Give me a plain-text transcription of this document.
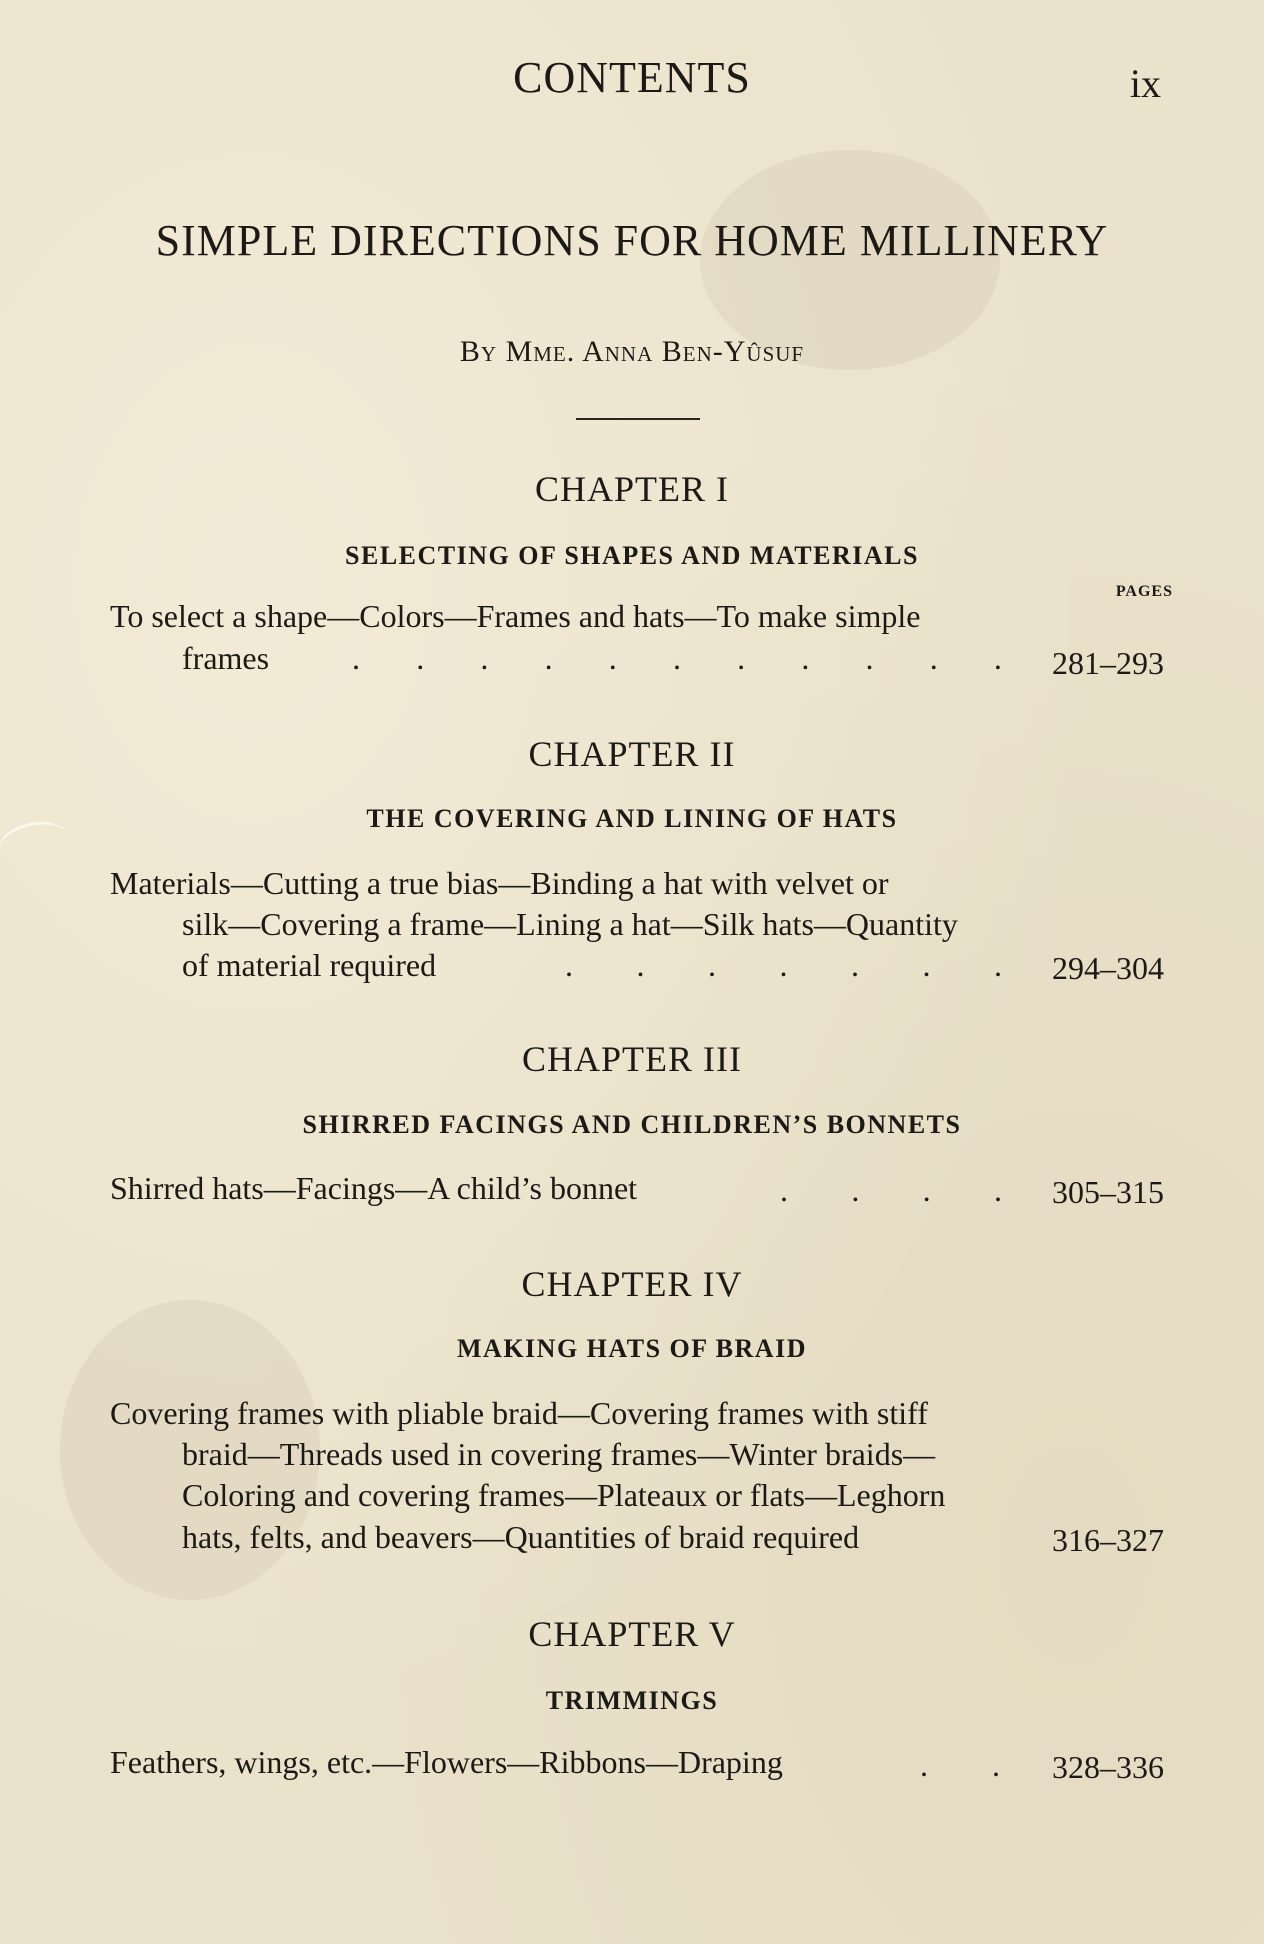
CONTENTS	ix
SIMPLE DIRECTIONS FOR HOME MILLINERY
By Mme. Anna Ben-Yûsuf
CHAPTER I
SELECTING OF SHAPES AND MATERIALS
PAGES
To select a shape—Colors—Frames and hats—To make simple
frames	. . . . . . . . . . . 281–293
CHAPTER II
THE COVERING AND LINING OF HATS
Materials—Cutting a true bias—Binding a hat with velvet or
silk—Covering a frame—Lining a hat—Silk hats—Quantity
of material required	. . . . . . . 294–304
CHAPTER III
SHIRRED FACINGS AND CHILDREN’S BONNETS
Shirred hats—Facings—A child’s bonnet	. . . . 305–315
CHAPTER IV
MAKING HATS OF BRAID
Covering frames with pliable braid—Covering frames with stiff
braid—Threads used in covering frames—Winter braids—
Coloring and covering frames—Plateaux or flats—Leghorn
hats, felts, and beavers—Quantities of braid required	316–327
CHAPTER V
TRIMMINGS
Feathers, wings, etc.—Flowers—Ribbons—Draping	. . 328–336
